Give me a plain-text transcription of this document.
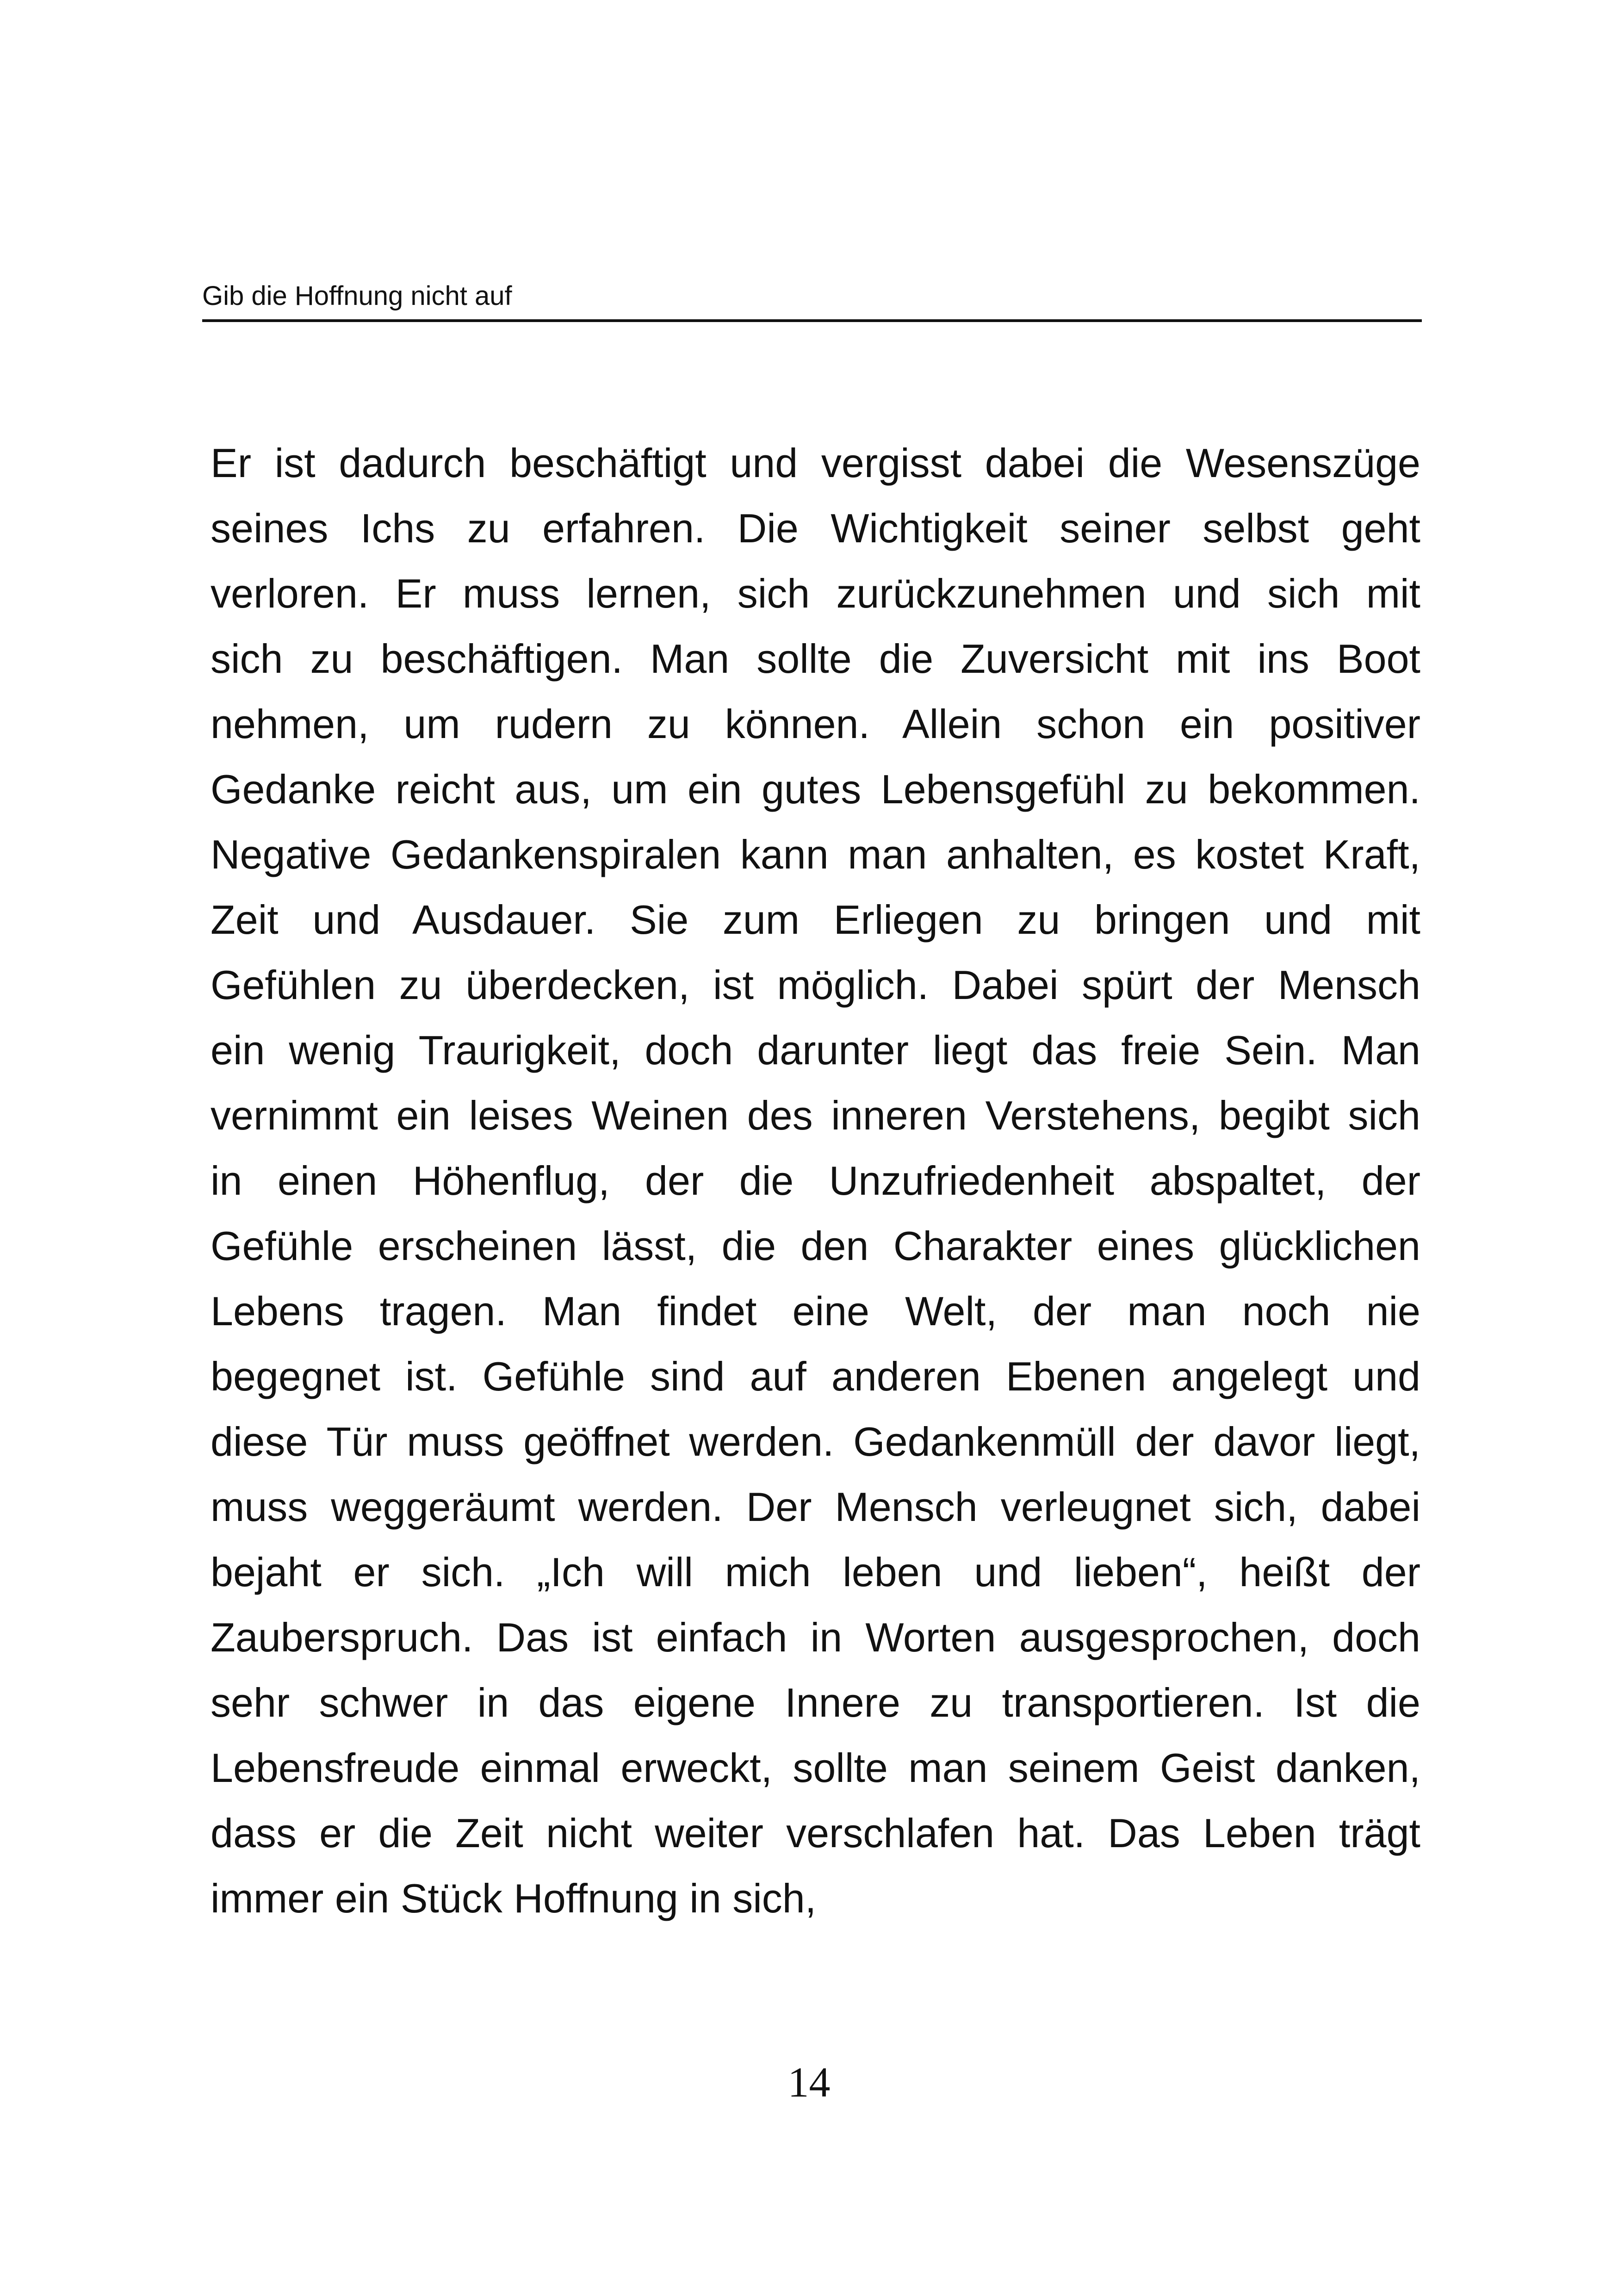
Gib die Hoffnung nicht auf
Er ist dadurch beschäftigt und vergisst dabei die Wesenszüge
seines Ichs zu erfahren. Die Wichtigkeit seiner selbst geht
verloren. Er muss lernen, sich zurückzunehmen und sich mit
sich zu beschäftigen. Man sollte die Zuversicht mit ins Boot
nehmen, um rudern zu können. Allein schon ein positiver
Gedanke reicht aus, um ein gutes Lebensgefühl zu bekommen.
Negative Gedankenspiralen kann man anhalten, es kostet Kraft,
Zeit und Ausdauer. Sie zum Erliegen zu bringen und mit
Gefühlen zu überdecken, ist möglich. Dabei spürt der Mensch
ein wenig Traurigkeit, doch darunter liegt das freie Sein. Man
vernimmt ein leises Weinen des inneren Verstehens, begibt sich
in einen Höhenflug, der die Unzufriedenheit abspaltet, der
Gefühle erscheinen lässt, die den Charakter eines glücklichen
Lebens tragen. Man findet eine Welt, der man noch nie
begegnet ist. Gefühle sind auf anderen Ebenen angelegt und
diese Tür muss geöffnet werden. Gedankenmüll der davor liegt,
muss weggeräumt werden. Der Mensch verleugnet sich, dabei
bejaht er sich. „Ich will mich leben und lieben“, heißt der
Zauberspruch. Das ist einfach in Worten ausgesprochen, doch
sehr schwer in das eigene Innere zu transportieren. Ist die
Lebensfreude einmal erweckt, sollte man seinem Geist danken,
dass er die Zeit nicht weiter verschlafen hat. Das Leben trägt
immer ein Stück Hoffnung in sich,
14
